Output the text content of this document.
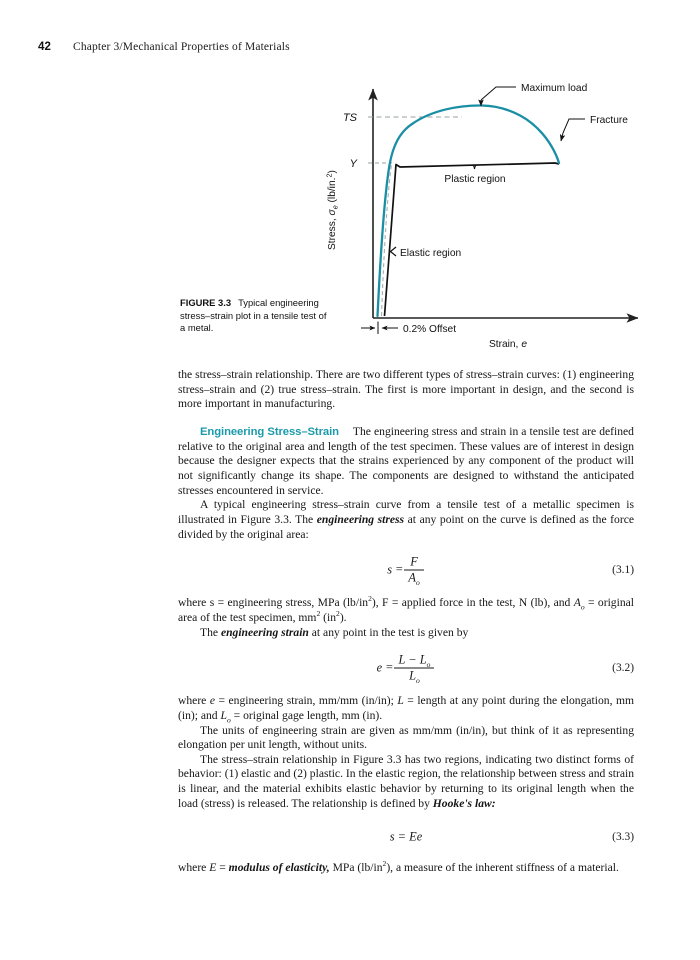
42 Chapter 3/Mechanical Properties of Materials
FIGURE 3.3 Typical engineering stress–strain plot in a tensile test of a metal.
TS
Y
Stress, $\sigma_e$ (lb/in.$^2$)
Strain, e
Maximum load
Fracture
Plastic region
Elastic region
0.2% Offset

the stress–strain relationship. There are two different types of stress–strain curves: (1) engineering stress–strain and (2) true stress–strain. The first is more important in design, and the second is more important in manufacturing.

Engineering Stress–Strain The engineering stress and strain in a tensile test are defined relative to the original area and length of the test specimen. These values are of interest in design because the designer expects that the strains experienced by any component of the product will not significantly change its shape. The components are designed to withstand the anticipated stresses encountered in service.

A typical engineering stress–strain curve from a tensile test of a metallic specimen is illustrated in Figure 3.3. The engineering stress at any point on the curve is defined as the force divided by the original area:

$s = \frac{F}{A_o}$	(3.1)

where s = engineering stress, MPa $(lb/in^2)$, F = applied force in the test, N (lb), and $A_o$ = original area of the test specimen, $mm^2$ $(in^2)$.

The engineering strain at any point in the test is given by

$e = \frac{L - L_o}{L_o}$	(3.2)

where e = engineering strain, mm/mm (in/in); L = length at any point during the elongation, mm (in); and $L_o$ = original gage length, mm (in).

The units of engineering strain are given as mm/mm (in/in), but think of it as representing elongation per unit length, without units.

The stress–strain relationship in Figure 3.3 has two regions, indicating two distinct forms of behavior: (1) elastic and (2) plastic. In the elastic region, the relationship between stress and strain is linear, and the material exhibits elastic behavior by returning to its original length when the load (stress) is released. The relationship is defined by Hooke's law:

s = Ee	(3.3)

where E = modulus of elasticity, MPa $(lb/in^2)$, a measure of the inherent stiffness of a material.
